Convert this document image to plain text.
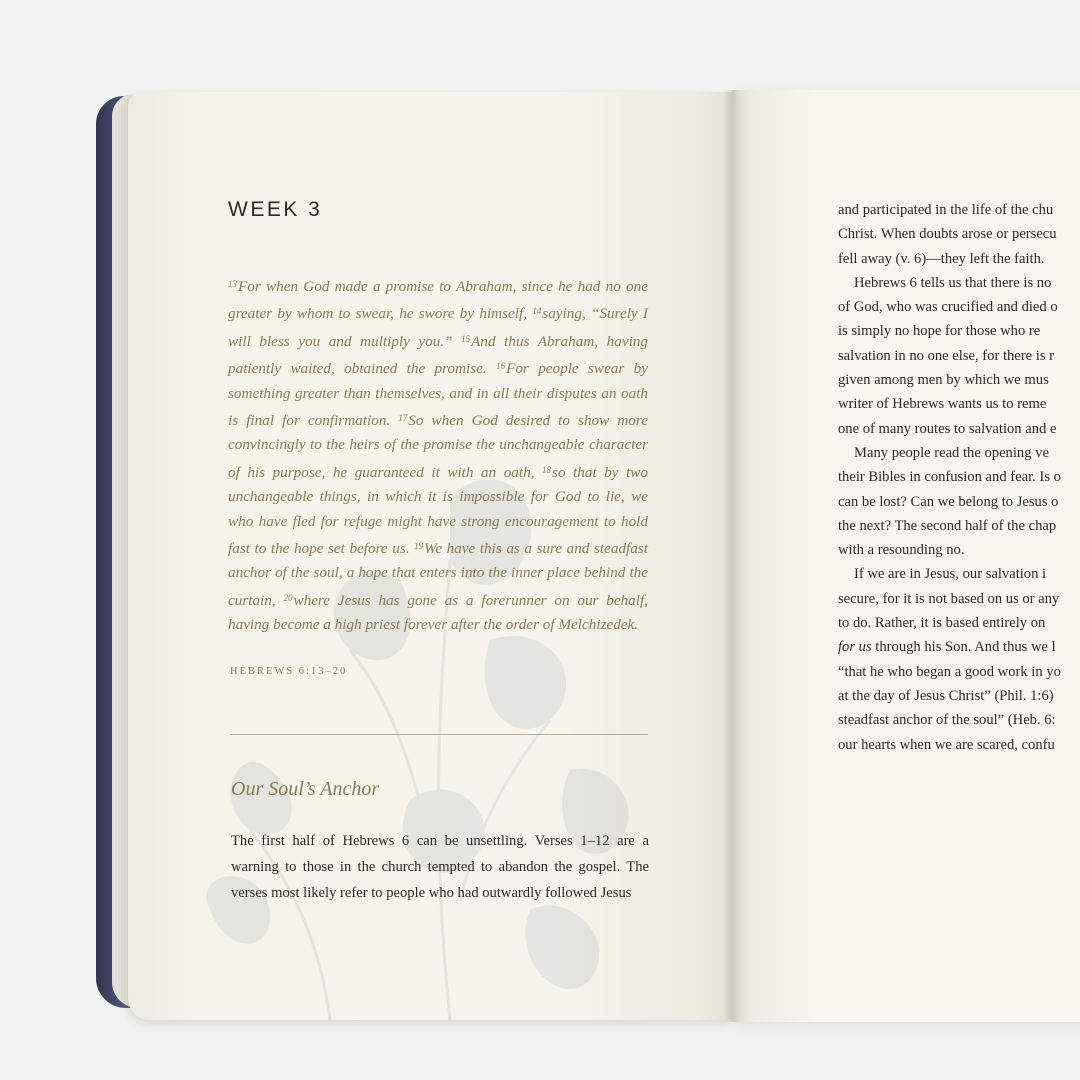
WEEK 3
$^{13}$For when God made a promise to Abraham, since he had no one greater by whom to swear, he swore by himself, $^{14}$saying, “Surely I will bless you and multiply you.” $^{15}$And thus Abraham, having patiently waited, obtained the promise. $^{16}$For people swear by something greater than themselves, and in all their disputes an oath is final for confirmation. $^{17}$So when God desired to show more convincingly to the heirs of the promise the unchangeable character of his purpose, he guaranteed it with an oath, $^{18}$so that by two unchangeable things, in which it is impossible for God to lie, we who have fled for refuge might have strong encouragement to hold fast to the hope set before us. $^{19}$We have this as a sure and steadfast anchor of the soul, a hope that enters into the inner place behind the curtain, $^{20}$where Jesus has gone as a forerunner on our behalf, having become a high priest forever after the order of Melchizedek.
HEBREWS 6:13–20
Our Soul’s Anchor
The first half of Hebrews 6 can be unsettling. Verses 1–12 are a warning to those in the church tempted to abandon the gospel. The verses most likely refer to people who had outwardly followed Jesus
and participated in the life of the chu
Christ. When doubts arose or persecu
fell away (v. 6)—they left the faith.
Hebrews 6 tells us that there is no
of God, who was crucified and died o
is simply no hope for those who re
salvation in no one else, for there is r
given among men by which we mus
writer of Hebrews wants us to reme
one of many routes to salvation and e
Many people read the opening ve
their Bibles in confusion and fear. Is o
can be lost? Can we belong to Jesus o
the next? The second half of the chap
with a resounding no.
If we are in Jesus, our salvation i
secure, for it is not based on us or any
to do. Rather, it is based entirely on
for us through his Son. And thus we l
“that he who began a good work in yo
at the day of Jesus Christ” (Phil. 1:6)
steadfast anchor of the soul” (Heb. 6:
our hearts when we are scared, confu
